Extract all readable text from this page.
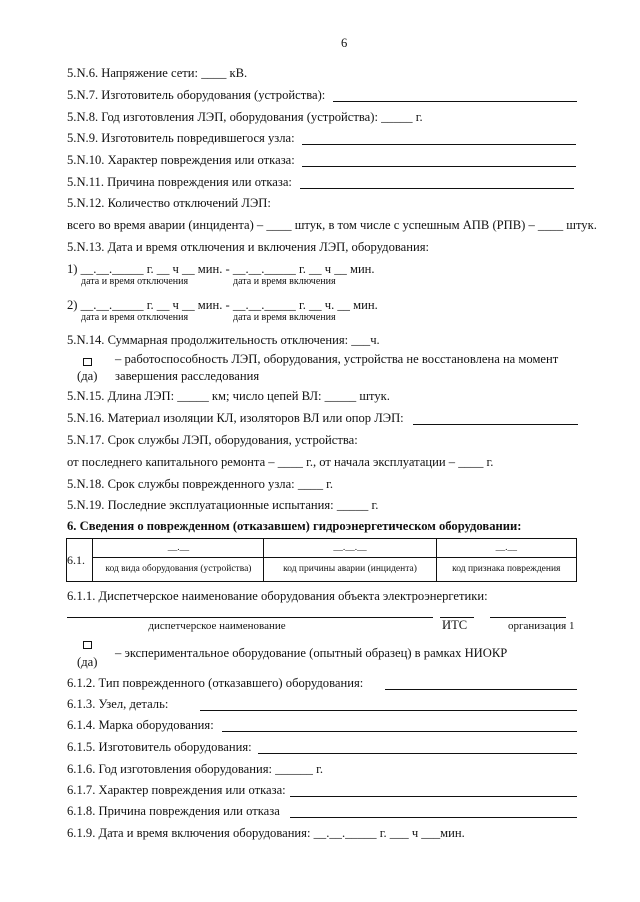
6
5.N.6. Напряжение сети: ____ кВ.
5.N.7. Изготовитель оборудования (устройства):
5.N.8. Год изготовления ЛЭП, оборудования (устройства): _____ г.
5.N.9. Изготовитель повредившегося узла:
5.N.10. Характер повреждения или отказа:
5.N.11. Причина повреждения или отказа:
5.N.12. Количество отключений ЛЭП:
всего во время аварии (инцидента) – ____ штук, в том числе с успешным АПВ (РПВ) – ____ штук.
5.N.13. Дата и время отключения и включения ЛЭП, оборудования:
1) __.__._____ г. __ ч __ мин. - __.__._____ г. __ ч __ мин.
дата и время отключения	дата и время включения
2) __.__._____ г. __ ч __ мин. - __.__._____ г. __ ч. __ мин.
дата и время отключения	дата и время включения
5.N.14. Суммарная продолжительность отключения: ___ч.
– работоспособность ЛЭП, оборудования, устройства не восстановлена на момент
(да) завершения расследования
5.N.15. Длина ЛЭП: _____ км; число цепей ВЛ: _____ штук.
5.N.16. Материал изоляции КЛ, изоляторов ВЛ или опор ЛЭП:
5.N.17. Срок службы ЛЭП, оборудования, устройства:
от последнего капитального ремонта – ____ г., от начала эксплуатации – ____ г.
5.N.18. Срок службы поврежденного узла: ____ г.
5.N.19. Последние эксплуатационные испытания: _____ г.
6. Сведения о поврежденном (отказавшем) гидроэнергетическом оборудовании:
6.1.	__.__	__.__.__	__.__
	код вида оборудования (устройства)	код причины аварии (инцидента)	код признака повреждения
6.1.1. Диспетчерское наименование оборудования объекта электроэнергетики:
диспетчерское наименование	ИТС	организация 1
– экспериментальное оборудование (опытный образец) в рамках НИОКР
(да)
6.1.2. Тип поврежденного (отказавшего) оборудования:
6.1.3. Узел, деталь:
6.1.4. Марка оборудования:
6.1.5. Изготовитель оборудования:
6.1.6. Год изготовления оборудования: ______ г.
6.1.7. Характер повреждения или отказа:
6.1.8. Причина повреждения или отказа
6.1.9. Дата и время включения оборудования: __.__._____ г. ___ ч ___мин.
